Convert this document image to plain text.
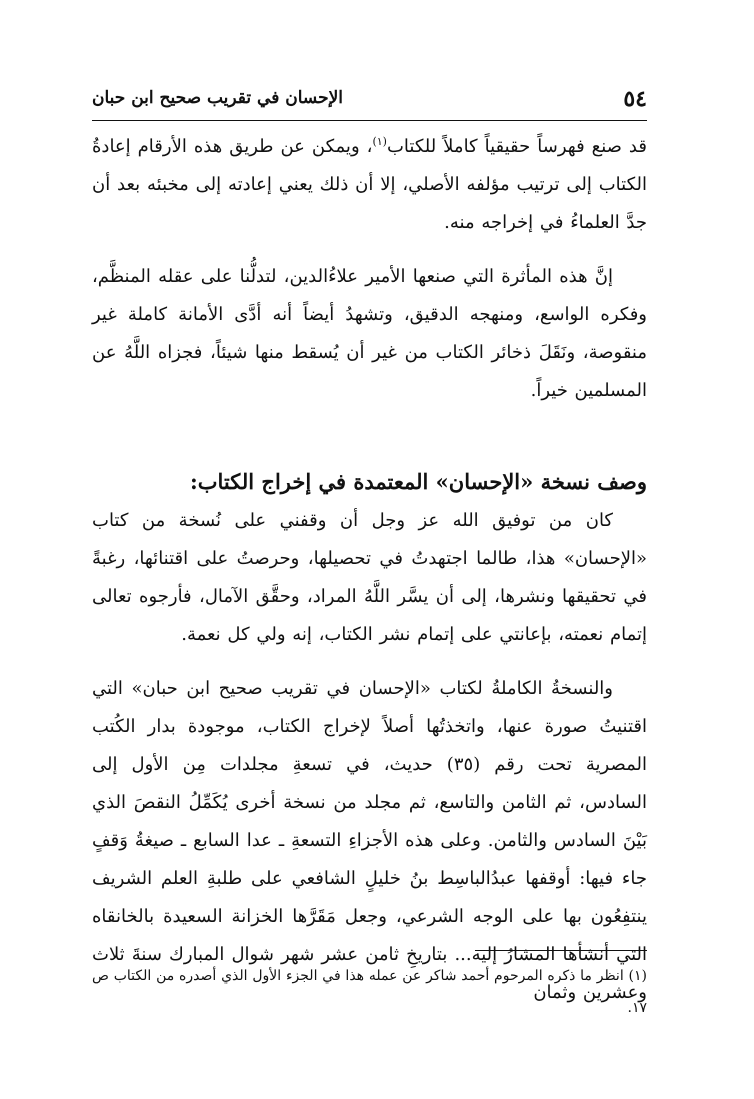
٥٤
الإحسان في تقريب صحيح ابن حبان

قد صنع فهرساً حقيقياً كاملاً للكتاب$^{(١)}$، ويمكن عن طريق هذه الأرقام إعادةُ الكتاب إلى ترتيب مؤلفه الأصلي، إلا أن ذلك يعني إعادته إلى مخبئه بعد أن جدَّ العلماءُ في إخراجه منه.

إنَّ هذه المأثرة التي صنعها الأمير علاءُالدين، لتدلُّنا على عقله المنظَّم، وفكره الواسع، ومنهجه الدقيق، وتشهدُ أيضاً أنه أدَّى الأمانة كاملة غير منقوصة، ونَقَلَ ذخائر الكتاب من غير أن يُسقط منها شيئاً، فجزاه اللَّهُ عن المسلمين خيراً.

وصف نسخة «الإحسان» المعتمدة في إخراج الكتاب:

كان من توفيق الله عز وجل أن وقفني على نُسخة من كتاب «الإحسان» هذا، طالما اجتهدتُ في تحصيلها، وحرصتُ على اقتنائها، رغبةً في تحقيقها ونشرها، إلى أن يسَّر اللَّهُ المراد، وحقَّق الآمال، فأرجوه تعالى إتمام نعمته، بإعانتي على إتمام نشر الكتاب، إنه ولي كل نعمة.

والنسخةُ الكاملةُ لكتاب «الإحسان في تقريب صحيح ابن حبان» التي اقتنيتُ صورة عنها، واتخذتُها أصلاً لإخراج الكتاب، موجودة بدار الكُتب المصرية تحت رقم (٣٥) حديث، في تسعةِ مجلدات مِن الأول إلى السادس، ثم الثامن والتاسع، ثم مجلد من نسخة أخرى يُكَمِّلُ النقصَ الذي بَيْنَ السادس والثامن. وعلى هذه الأجزاءِ التسعةِ ـ عدا السابع ـ صيغةُ وَقفٍ جاء فيها: أوقفها عبدُالباسِط بنُ خليلٍ الشافعي على طلبةِ العلم الشريف ينتفِعُون بها على الوجه الشرعي، وجعل مَقَرَّها الخزانة السعيدة بالخانقاه التي أنشأها المشارُ إليه... بتاريخِ ثامن عشر شهر شوال المبارك سنةَ ثلاث وعشرين وثمان

(١) انظر ما ذكره المرحوم أحمد شاكر عن عمله هذا في الجزء الأول الذي أصدره من الكتاب ص ١٧.
